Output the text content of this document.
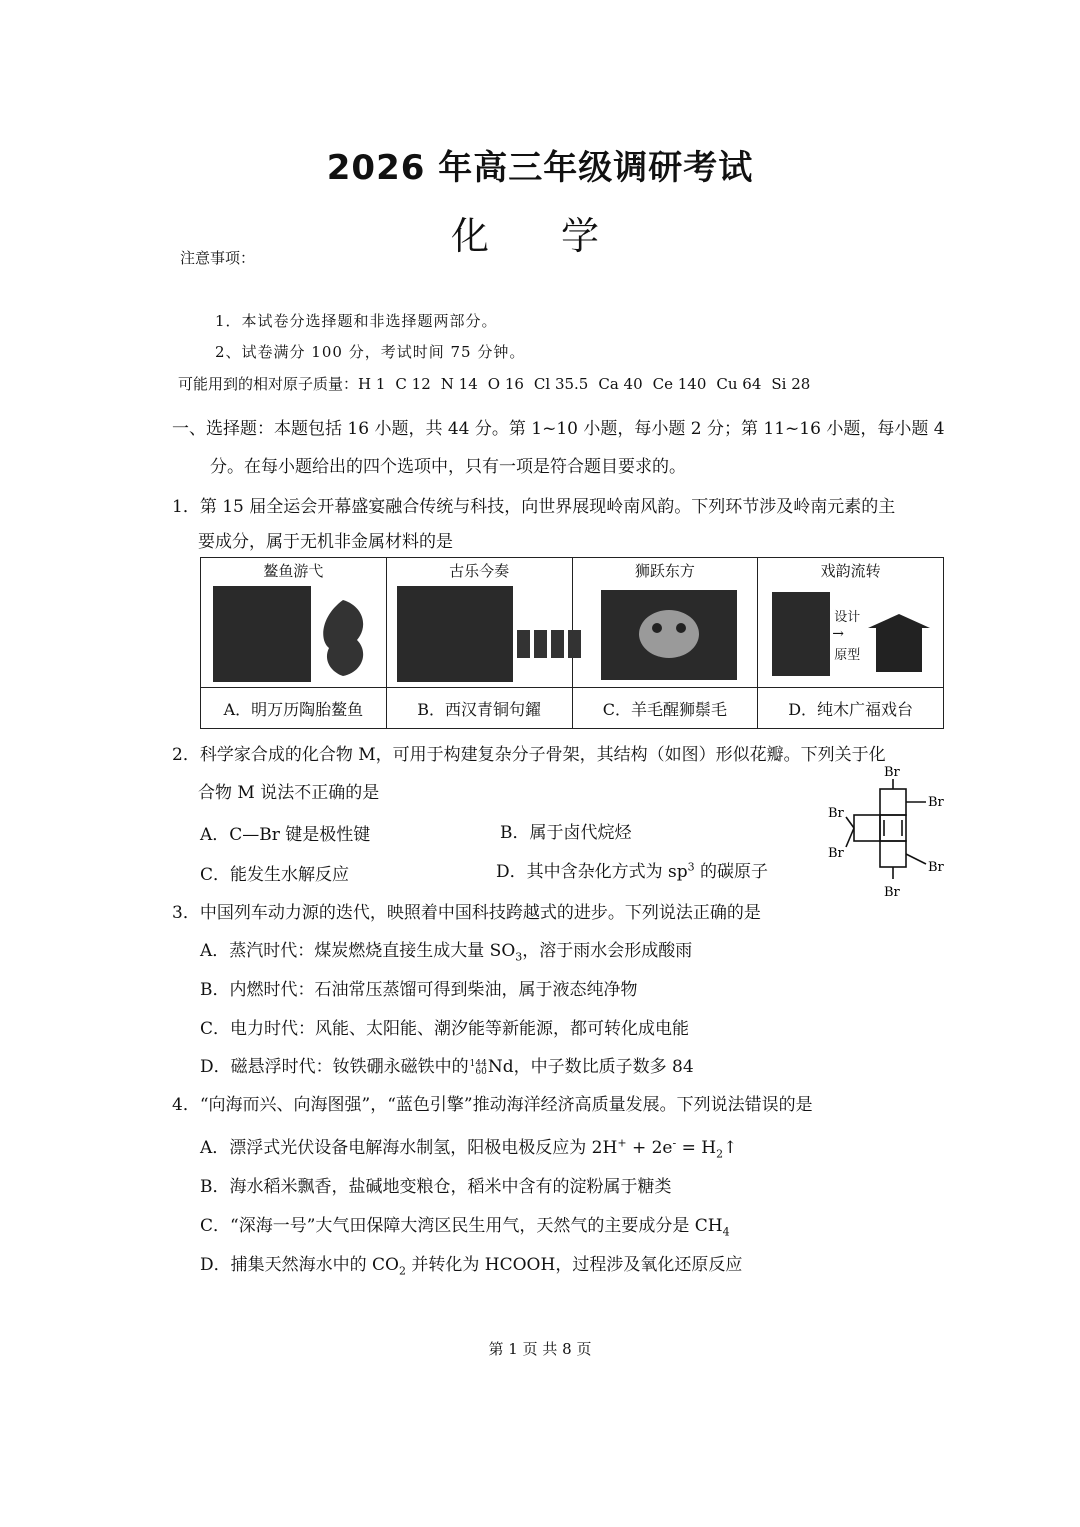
2026 年高三年级调研考试
化 学
注意事项：
1．本试卷分选择题和非选择题两部分。
2、试卷满分 100 分，考试时间 75 分钟。
可能用到的相对原子质量：H 1 C 12 N 14 O 16 Cl 35.5 Ca 40 Ce 140 Cu 64 Si 28
一、选择题：本题包括 16 小题，共 44 分。第 1~10 小题，每小题 2 分；第 11~16 小题，每小题 4
分。在每小题给出的四个选项中，只有一项是符合题目要求的。
1．第 15 届全运会开幕盛宴融合传统与科技，向世界展现岭南风韵。下列环节涉及岭南元素的主
要成分，属于无机非金属材料的是
鳌鱼游弋	古乐今奏	狮跃东方	戏韵流转
设计
→
原型

A．明万历陶胎鳌鱼	B．西汉青铜句鑃	C．羊毛醒狮鬃毛	D．纯木广福戏台
2．科学家合成的化合物 M，可用于构建复杂分子骨架，其结构（如图）形似花瓣。下列关于化
合物 M 说法不正确的是
A．C—Br 键是极性键	B．属于卤代烷烃
C．能发生水解反应	D．其中含杂化方式为 $sp^3$ 的碳原子
Br
Br
Br
Br
Br
Br
3．中国列车动力源的迭代，映照着中国科技跨越式的进步。下列说法正确的是
A．蒸汽时代：煤炭燃烧直接生成大量 $SO_3$，溶于雨水会形成酸雨
B．内燃时代：石油常压蒸馏可得到柴油，属于液态纯净物
C．电力时代：风能、太阳能、潮汐能等新能源，都可转化成电能
D．磁悬浮时代：钕铁硼永磁铁中的144
60Nd，中子数比质子数多 84
4．“向海而兴、向海图强”，“蓝色引擎”推动海洋经济高质量发展。下列说法错误的是
A．漂浮式光伏设备电解海水制氢，阳极电极反应为 $2H^+ + 2e^- = H_2↑$
B．海水稻米飘香，盐碱地变粮仓，稻米中含有的淀粉属于糖类
C．“深海一号”大气田保障大湾区民生用气，天然气的主要成分是 $CH_4$
D．捕集天然海水中的 $CO_2$ 并转化为 HCOOH，过程涉及氧化还原反应
第 1 页 共 8 页
